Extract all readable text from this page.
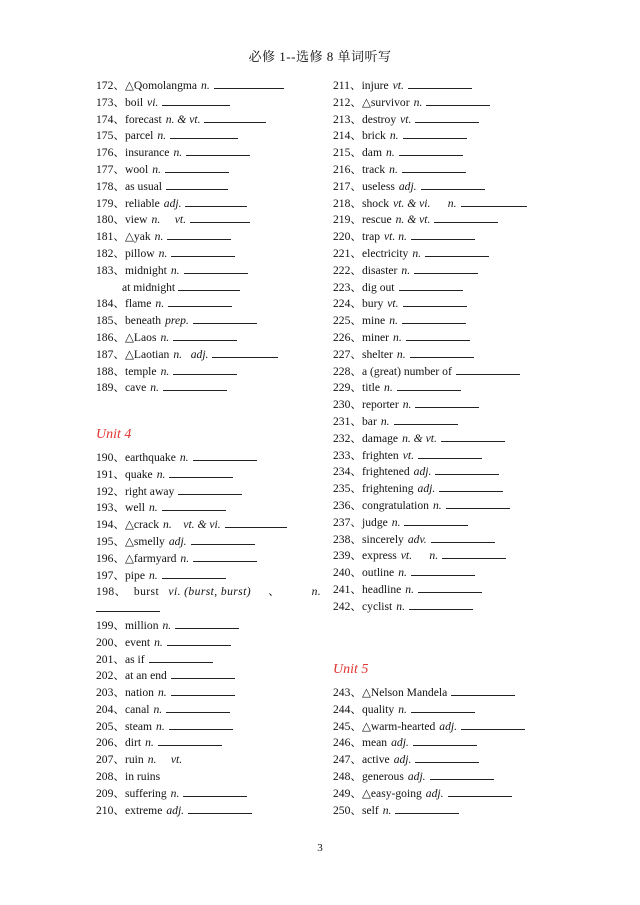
必修 1--选修 8 单词听写
172、△Qomolangma n.
173、boil vi.
174、forecast n. & vt.
175、parcel n.
176、insurance n.
177、wool n.
178、as usual
179、reliable adj.
180、view n.     vt.
181、△yak n.
182、pillow n.
183、midnight n.
at midnight
184、flame n.
185、beneath prep.
186、△Laos n.
187、△Laotian n.   adj.
188、temple n.
189、cave n.
Unit 4
190、earthquake n.
191、quake n.
192、right away
193、well n.
194、△crack n.    vt. & vi.
195、△smelly adj.
196、△farmyard n.
197、pipe n.
198、 burst vi. (burst, burst) 、	n.
199、million n.
200、event n.
201、as if
202、at an end
203、nation n.
204、canal n.
205、steam n.
206、dirt n.
207、ruin n.     vt.
208、in ruins
209、suffering n.
210、extreme adj.
211、injure vt.
212、△survivor n.
213、destroy vt.
214、brick n.
215、dam n.
216、track n.
217、useless adj.
218、shock vt. & vi.      n.
219、rescue n. & vt.
220、trap vt. n.
221、electricity n.
222、disaster n.
223、dig out
224、bury vt.
225、mine n.
226、miner n.
227、shelter n.
228、a (great) number of
229、title n.
230、reporter n.
231、bar n.
232、damage n. & vt.
233、frighten vt.
234、frightened adj.
235、frightening adj.
236、congratulation n.
237、judge n.
238、sincerely adv.
239、express vt.      n.
240、outline n.
241、headline n.
242、cyclist n.
Unit 5
243、△Nelson Mandela
244、quality n.
245、△warm-hearted adj.
246、mean adj.
247、active adj.
248、generous adj.
249、△easy-going adj.
250、self n.
3
